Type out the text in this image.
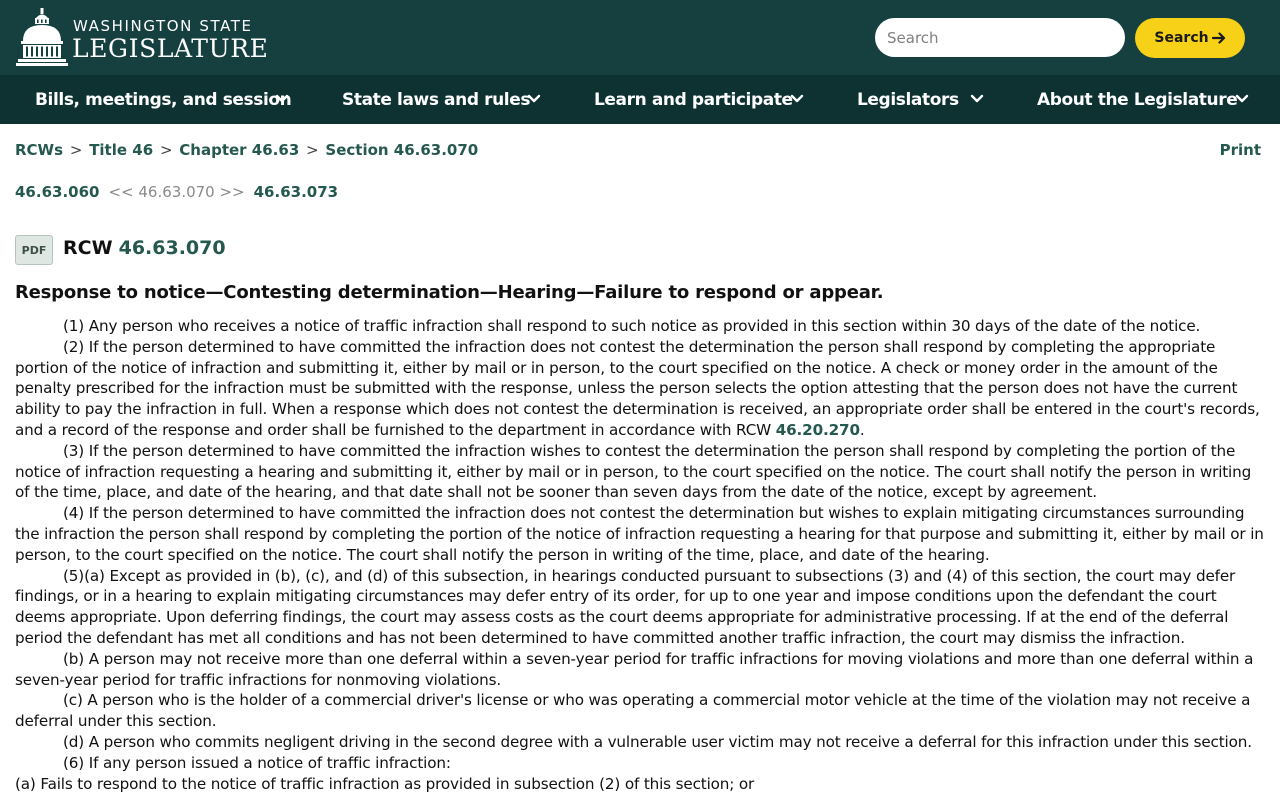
WASHINGTON STATE
LEGISLATURE
Search	Search
Bills, meetings, and session	State laws and rules	Learn and participate	Legislators	About the Legislature
RCWs > Title 46 > Chapter 46.63 > Section 46.63.070	Print
46.63.060 << 46.63.070 >> 46.63.073
PDF RCW 46.63.070
Response to notice—Contesting determination—Hearing—Failure to respond or appear.

(1) Any person who receives a notice of traffic infraction shall respond to such notice as provided in this section within 30 days of the date of the notice.

(2) If the person determined to have committed the infraction does not contest the determination the person shall respond by completing the appropriate portion of the notice of infraction and submitting it, either by mail or in person, to the court specified on the notice. A check or money order in the amount of the penalty prescribed for the infraction must be submitted with the response, unless the person selects the option attesting that the person does not have the current ability to pay the infraction in full. When a response which does not contest the determination is received, an appropriate order shall be entered in the court's records, and a record of the response and order shall be furnished to the department in accordance with RCW 46.20.270.

(3) If the person determined to have committed the infraction wishes to contest the determination the person shall respond by completing the portion of the notice of infraction requesting a hearing and submitting it, either by mail or in person, to the court specified on the notice. The court shall notify the person in writing of the time, place, and date of the hearing, and that date shall not be sooner than seven days from the date of the notice, except by agreement.

(4) If the person determined to have committed the infraction does not contest the determination but wishes to explain mitigating circumstances surrounding the infraction the person shall respond by completing the portion of the notice of infraction requesting a hearing for that purpose and submitting it, either by mail or in person, to the court specified on the notice. The court shall notify the person in writing of the time, place, and date of the hearing.

(5)(a) Except as provided in (b), (c), and (d) of this subsection, in hearings conducted pursuant to subsections (3) and (4) of this section, the court may defer findings, or in a hearing to explain mitigating circumstances may defer entry of its order, for up to one year and impose conditions upon the defendant the court deems appropriate. Upon deferring findings, the court may assess costs as the court deems appropriate for administrative processing. If at the end of the deferral period the defendant has met all conditions and has not been determined to have committed another traffic infraction, the court may dismiss the infraction.

(b) A person may not receive more than one deferral within a seven-year period for traffic infractions for moving violations and more than one deferral within a seven-year period for traffic infractions for nonmoving violations.

(c) A person who is the holder of a commercial driver's license or who was operating a commercial motor vehicle at the time of the violation may not receive a deferral under this section.

(d) A person who commits negligent driving in the second degree with a vulnerable user victim may not receive a deferral for this infraction under this section.

(6) If any person issued a notice of traffic infraction:

(a) Fails to respond to the notice of traffic infraction as provided in subsection (2) of this section; or
